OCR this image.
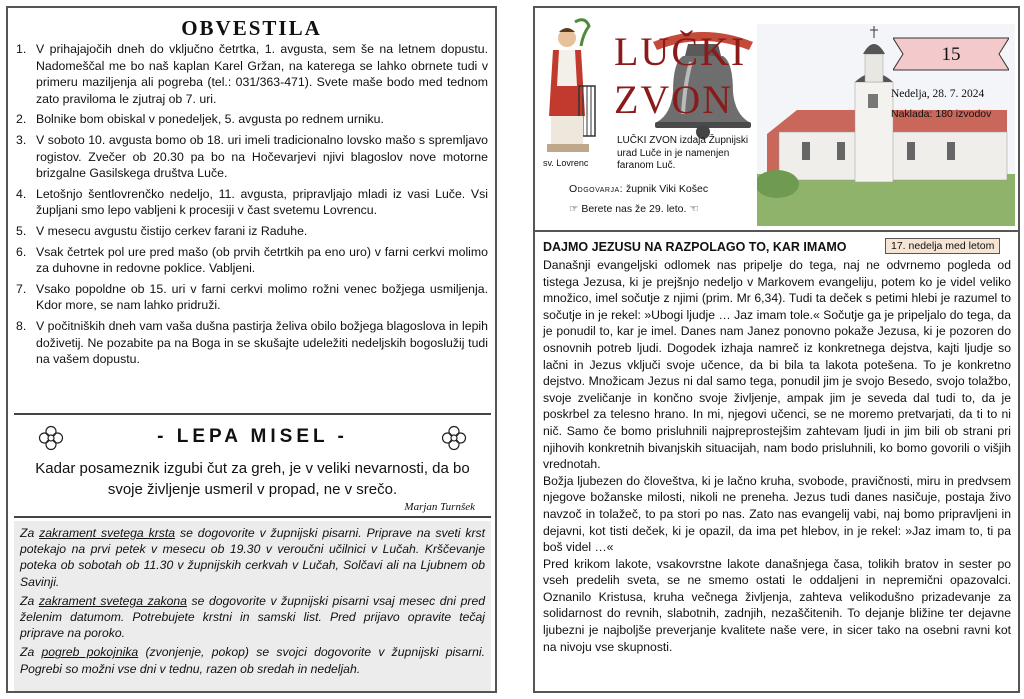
OBVESTILA
1. V prihajajočih dneh do vključno četrtka, 1. avgusta, sem še na letnem dopustu. Nadomeščal me bo naš kaplan Karel Gržan, na katerega se lahko obrnete tudi v primeru maziljenja ali pogreba (tel.: 031/363-471). Svete maše bodo med tednom zato praviloma le zjutraj ob 7. uri.
2. Bolnike bom obiskal v ponedeljek, 5. avgusta po rednem urniku.
3. V soboto 10. avgusta bomo ob 18. uri imeli tradicionalno lovsko mašo s spremljavo rogistov. Zvečer ob 20.30 pa bo na Hočevarjevi njivi blagoslov nove motorne brizgalne Gasilskega društva Luče.
4. Letošnjo šentlovrenčko nedeljo, 11. avgusta, pripravljajo mladi iz vasi Luče. Vsi župljani smo lepo vabljeni k procesiji v čast svetemu Lovrencu.
5. V mesecu avgustu čistijo cerkev farani iz Raduhe.
6. Vsak četrtek pol ure pred mašo (ob prvih četrtkih pa eno uro) v farni cerkvi molimo za duhovne in redovne poklice. Vabljeni.
7. Vsako popoldne ob 15. uri v farni cerkvi molimo rožni venec božjega usmiljenja. Kdor more, se nam lahko pridruži.
8. V počitniških dneh vam vaša dušna pastirja želiva obilo božjega blagoslova in lepih doživetij. Ne pozabite pa na Boga in se skušajte udeležiti nedeljskih bogoslužij tudi na vašem dopustu.
- LEPA MISEL -
Kadar posameznik izgubi čut za greh, je v veliki nevarnosti, da bo svoje življenje usmeril v propad, ne v srečo.
Marjan Turnšek

Za zakrament svetega krsta se dogovorite v župnijski pisarni. Priprave na sveti krst potekajo na prvi petek v mesecu ob 19.30 v veroučni učilnici v Lučah. Krščevanje poteka ob sobotah ob 11.30 v župnijskih cerkvah v Lučah, Solčavi ali na Ljubnem ob Savinji.

Za zakrament svetega zakona se dogovorite v župnijski pisarni vsaj mesec dni pred želenim datumom. Potrebujete krstni in samski list. Pred prijavo opravite tečaj priprave na poroko.

Za pogreb pokojnika (zvonjenje, pokop) se svojci dogovorite v župnijski pisarni. Pogrebi so možni vse dni v tednu, razen ob sredah in nedeljah.

sv. Lovrenc
LUČKI
ZVON
15
Nedelja, 28. 7. 2024
Naklada: 180 izvodov
LUČKI ZVON izdaja Župnijski urad Luče in je namenjen faranom Luč.
Odgovarja: župnik Viki Košec
☞ Berete nas že 29. leto. ☜
DAJMO JEZUSU NA RAZPOLAGO TO, KAR IMAMO	17. nedelja med letom

Današnji evangeljski odlomek nas pripelje do tega, naj ne odvrnemo pogleda od tistega Jezusa, ki je prejšnjo nedeljo v Markovem evangeliju, potem ko je videl veliko množico, imel sočutje z njimi (prim. Mr 6,34). Tudi ta deček s petimi hlebi je razumel to sočutje in je rekel: »Ubogi ljudje … Jaz imam tole.« Sočutje ga je pripeljalo do tega, da je ponudil to, kar je imel. Danes nam Janez ponovno pokaže Jezusa, ki je pozoren do osnovnih potreb ljudi. Dogodek izhaja namreč iz konkretnega dejstva, kajti ljudje so lačni in Jezus vključi svoje učence, da bi bila ta lakota potešena. To je konkretno dejstvo. Množicam Jezus ni dal samo tega, ponudil jim je svojo Besedo, svojo tolažbo, svoje zveličanje in končno svoje življenje, ampak jim je seveda dal tudi to, da je poskrbel za telesno hrano. In mi, njegovi učenci, se ne moremo pretvarjati, da ti to ni nič. Samo če bomo prisluhnili najpreprostejšim zahtevam ljudi in jim bili ob strani pri njihovih konkretnih bivanjskih situacijah, nam bodo prisluhnili, ko bomo govorili o višjih vrednotah.

Božja ljubezen do človeštva, ki je lačno kruha, svobode, pravičnosti, miru in predvsem njegove božanske milosti, nikoli ne preneha. Jezus tudi danes nasičuje, postaja živo navzoč in tolažeč, to pa stori po nas. Zato nas evangelij vabi, naj bomo pripravljeni in dejavni, kot tisti deček, ki je opazil, da ima pet hlebov, in je rekel: »Jaz imam to, ti pa boš videl …«

Pred krikom lakote, vsakovrstne lakote današnjega časa, tolikih bratov in sester po vseh predelih sveta, se ne smemo ostati le oddaljeni in nepremični opazovalci. Oznanilo Kristusa, kruha večnega življenja, zahteva velikodušno prizadevanje za solidarnost do revnih, slabotnih, zadnjih, nezaščitenih. To dejanje bližine ter dejavne ljubezni je najboljše preverjanje kvalitete naše vere, in sicer tako na osebni ravni kot na nivoju vse skupnosti.
